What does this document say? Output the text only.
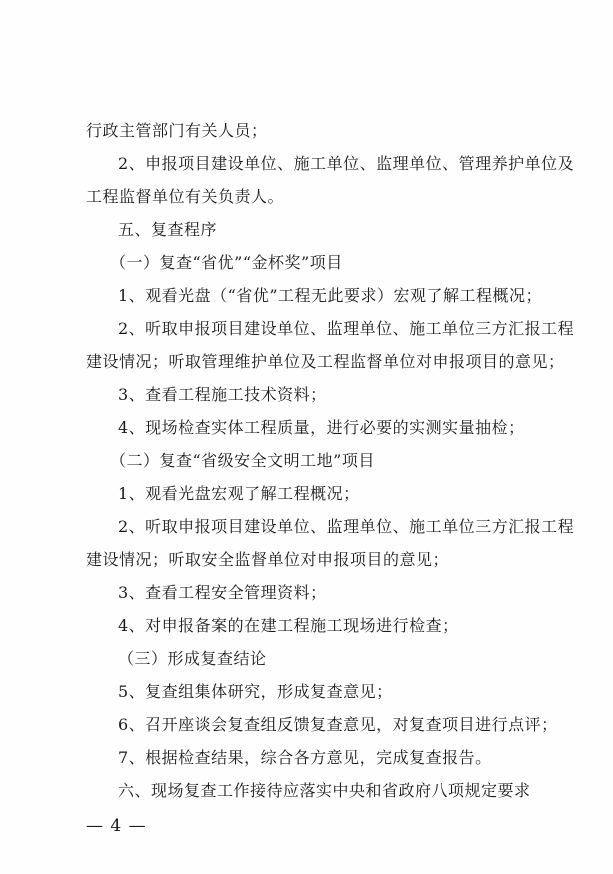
行政主管部门有关人员；
2、申报项目建设单位、施工单位、监理单位、管理养护单位及
工程监督单位有关负责人。
五、复查程序
（一）复查“省优”“金杯奖”项目
1、观看光盘（“省优”工程无此要求）宏观了解工程概况；
2、听取申报项目建设单位、监理单位、施工单位三方汇报工程
建设情况；听取管理维护单位及工程监督单位对申报项目的意见；
3、查看工程施工技术资料；
4、现场检查实体工程质量，进行必要的实测实量抽检；
（二）复查“省级安全文明工地”项目
1、观看光盘宏观了解工程概况；
2、听取申报项目建设单位、监理单位、施工单位三方汇报工程
建设情况；听取安全监督单位对申报项目的意见；
3、查看工程安全管理资料；
4、对申报备案的在建工程施工现场进行检查；
（三）形成复查结论
5、复查组集体研究，形成复查意见；
6、召开座谈会复查组反馈复查意见，对复查项目进行点评；
7、根据检查结果，综合各方意见，完成复查报告。
六、现场复查工作接待应落实中央和省政府八项规定要求
— 4 —
